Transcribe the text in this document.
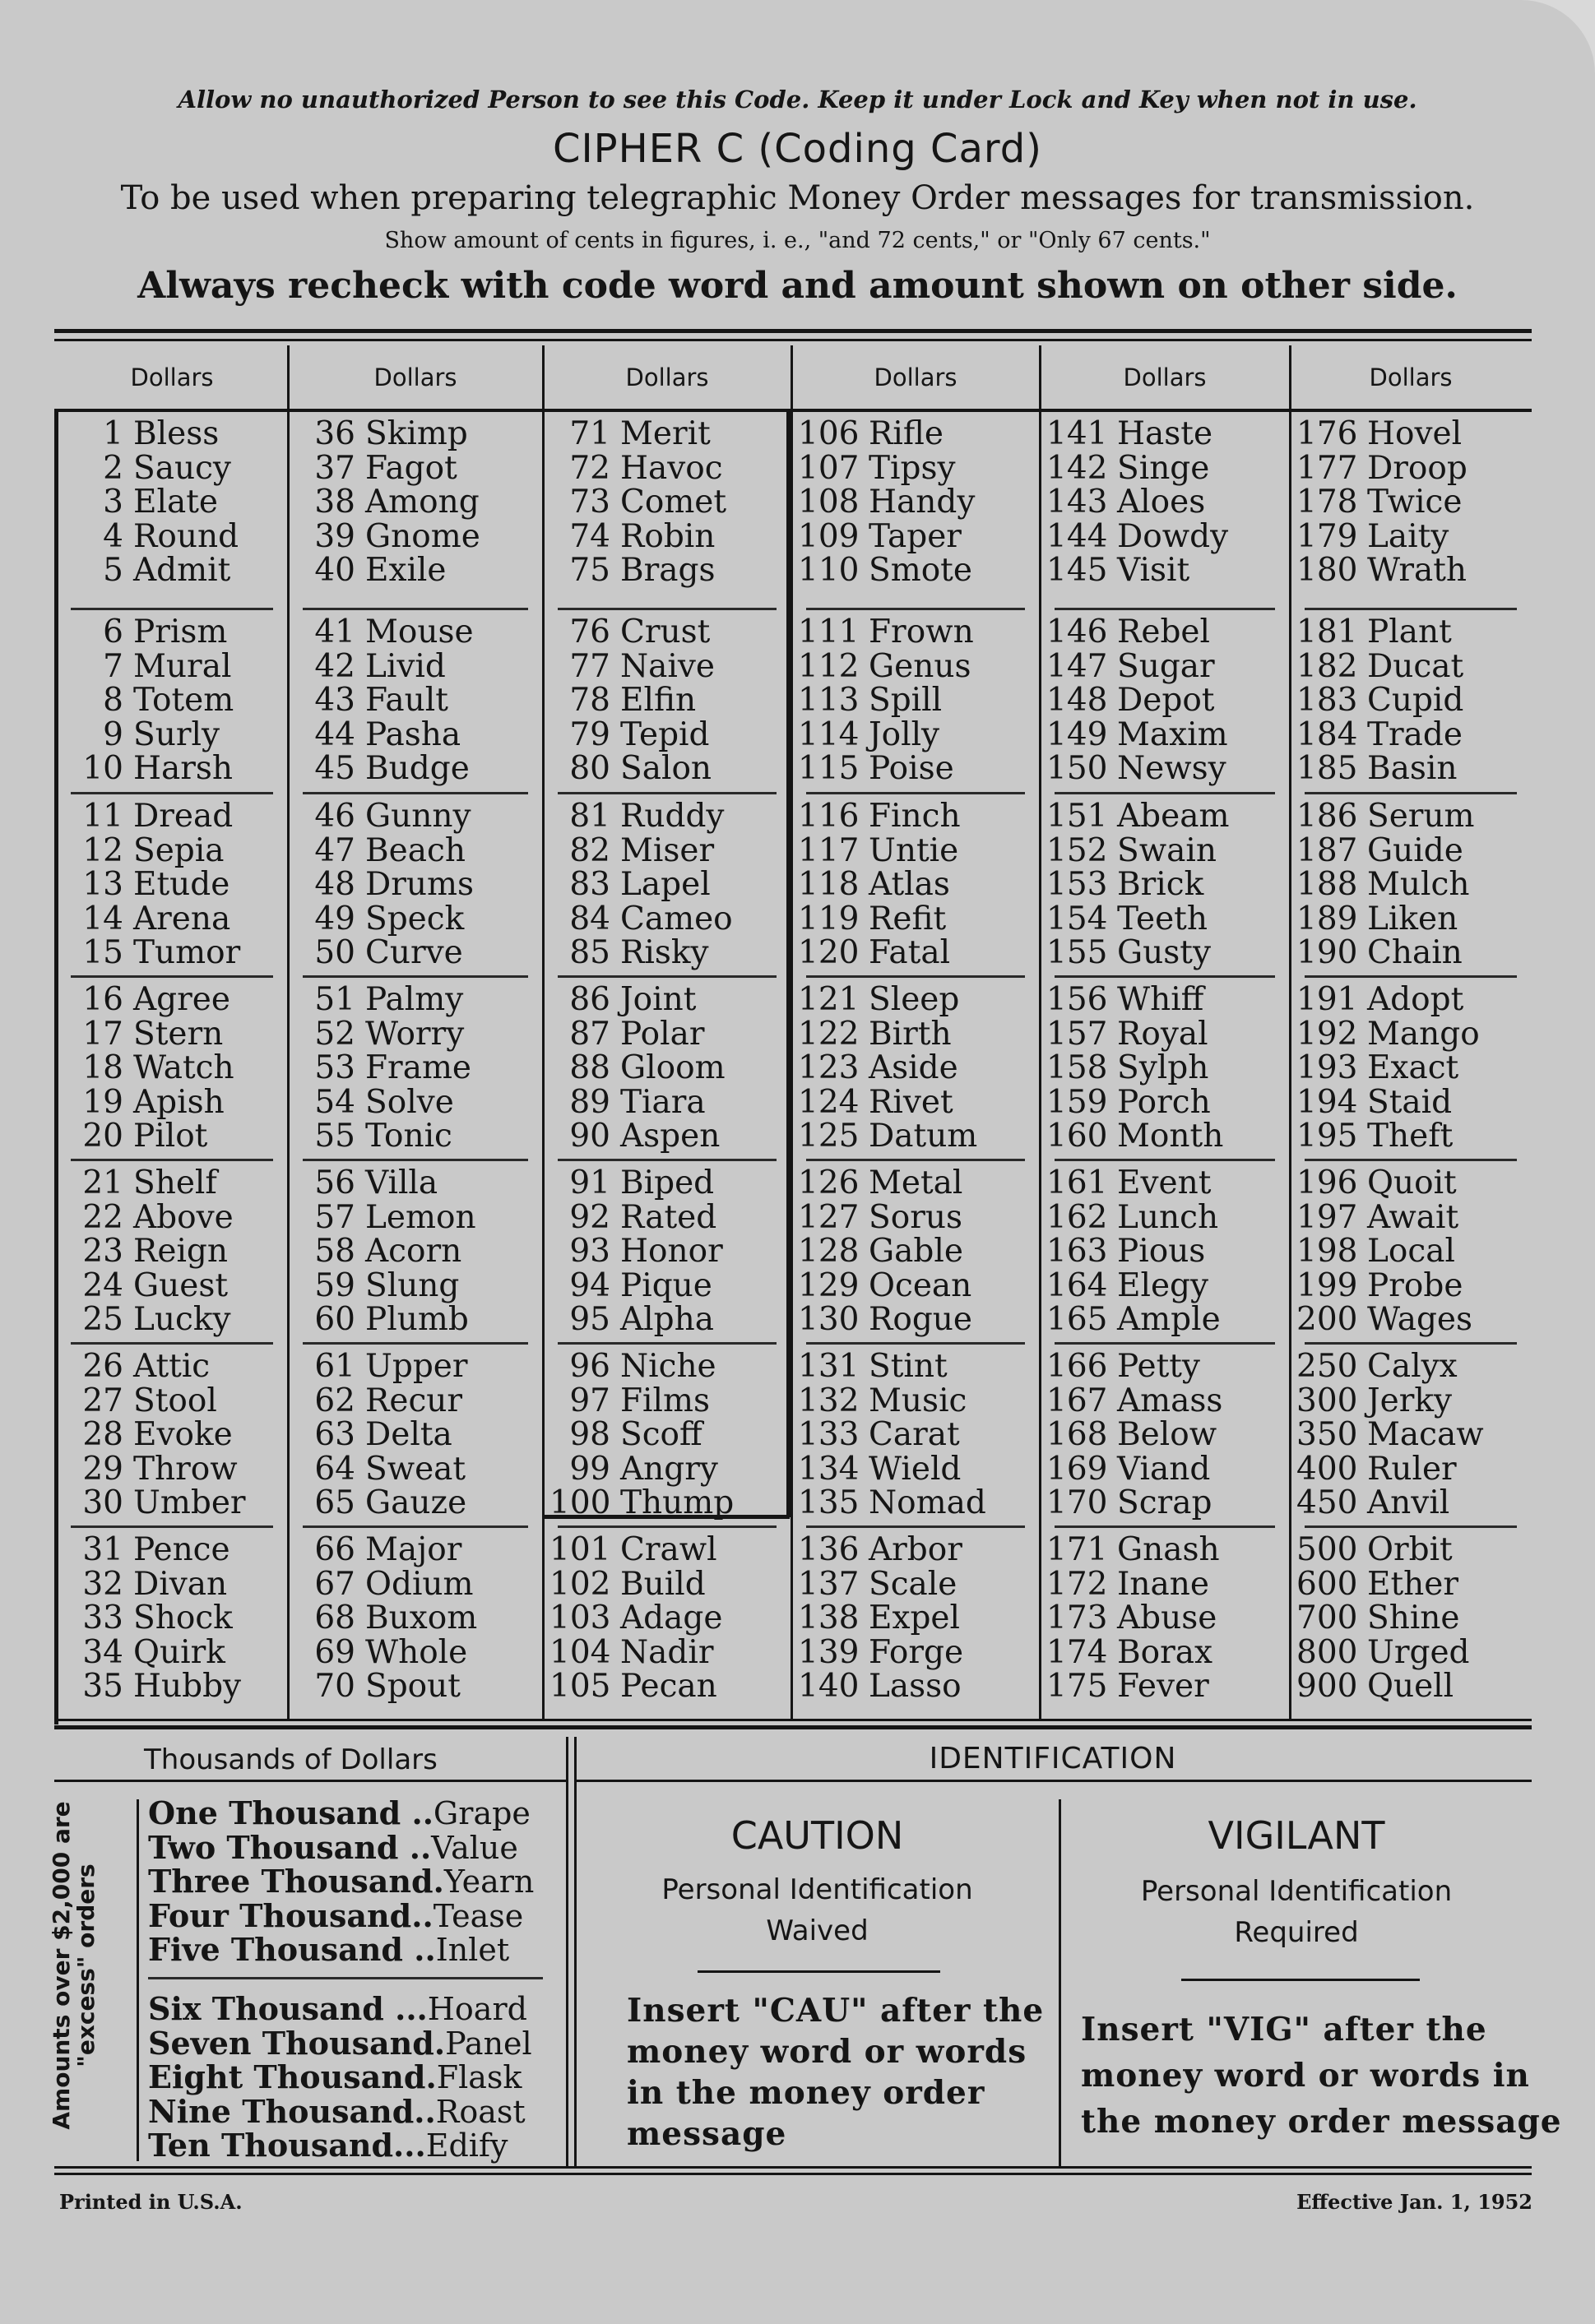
Allow no unauthorized Person to see this Code. Keep it under Lock and Key when not in use.
CIPHER C (Coding Card)
To be used when preparing telegraphic Money Order messages for transmission.
Show amount of cents in figures, i. e., "and 72 cents," or "Only 67 cents."
Always recheck with code word and amount shown on other side.
Dollars
1 Bless
2 Saucy
3 Elate
4 Round
5 Admit
6 Prism
7 Mural
8 Totem
9 Surly
10 Harsh
11 Dread
12 Sepia
13 Etude
14 Arena
15 Tumor
16 Agree
17 Stern
18 Watch
19 Apish
20 Pilot
21 Shelf
22 Above
23 Reign
24 Guest
25 Lucky
26 Attic
27 Stool
28 Evoke
29 Throw
30 Umber
31 Pence
32 Divan
33 Shock
34 Quirk
35 Hubby
Dollars
36 Skimp
37 Fagot
38 Among
39 Gnome
40 Exile
41 Mouse
42 Livid
43 Fault
44 Pasha
45 Budge
46 Gunny
47 Beach
48 Drums
49 Speck
50 Curve
51 Palmy
52 Worry
53 Frame
54 Solve
55 Tonic
56 Villa
57 Lemon
58 Acorn
59 Slung
60 Plumb
61 Upper
62 Recur
63 Delta
64 Sweat
65 Gauze
66 Major
67 Odium
68 Buxom
69 Whole
70 Spout
Dollars
71 Merit
72 Havoc
73 Comet
74 Robin
75 Brags
76 Crust
77 Naive
78 Elfin
79 Tepid
80 Salon
81 Ruddy
82 Miser
83 Lapel
84 Cameo
85 Risky
86 Joint
87 Polar
88 Gloom
89 Tiara
90 Aspen
91 Biped
92 Rated
93 Honor
94 Pique
95 Alpha
96 Niche
97 Films
98 Scoff
99 Angry
100 Thump
101 Crawl
102 Build
103 Adage
104 Nadir
105 Pecan
Dollars
106 Rifle
107 Tipsy
108 Handy
109 Taper
110 Smote
111 Frown
112 Genus
113 Spill
114 Jolly
115 Poise
116 Finch
117 Untie
118 Atlas
119 Refit
120 Fatal
121 Sleep
122 Birth
123 Aside
124 Rivet
125 Datum
126 Metal
127 Sorus
128 Gable
129 Ocean
130 Rogue
131 Stint
132 Music
133 Carat
134 Wield
135 Nomad
136 Arbor
137 Scale
138 Expel
139 Forge
140 Lasso
Dollars
141 Haste
142 Singe
143 Aloes
144 Dowdy
145 Visit
146 Rebel
147 Sugar
148 Depot
149 Maxim
150 Newsy
151 Abeam
152 Swain
153 Brick
154 Teeth
155 Gusty
156 Whiff
157 Royal
158 Sylph
159 Porch
160 Month
161 Event
162 Lunch
163 Pious
164 Elegy
165 Ample
166 Petty
167 Amass
168 Below
169 Viand
170 Scrap
171 Gnash
172 Inane
173 Abuse
174 Borax
175 Fever
Dollars
176 Hovel
177 Droop
178 Twice
179 Laity
180 Wrath
181 Plant
182 Ducat
183 Cupid
184 Trade
185 Basin
186 Serum
187 Guide
188 Mulch
189 Liken
190 Chain
191 Adopt
192 Mango
193 Exact
194 Staid
195 Theft
196 Quoit
197 Await
198 Local
199 Probe
200 Wages
250 Calyx
300 Jerky
350 Macaw
400 Ruler
450 Anvil
500 Orbit
600 Ether
700 Shine
800 Urged
900 Quell
Thousands of Dollars
Amounts over $2,000 are "excess" orders
One Thousand ..Grape
Two Thousand ..Value
Three Thousand.Yearn
Four Thousand..Tease
Five Thousand ..Inlet
Six Thousand ...Hoard
Seven Thousand.Panel
Eight Thousand.Flask
Nine Thousand..Roast
Ten Thousand...Edify
IDENTIFICATION
CAUTION
Personal Identification
Waived
Insert "CAU" after the
money word or words
in the money order
message
VIGILANT
Personal Identification
Required
Insert "VIG" after the
money word or words in
the money order message
Printed in U.S.A.	Effective Jan. 1, 1952
